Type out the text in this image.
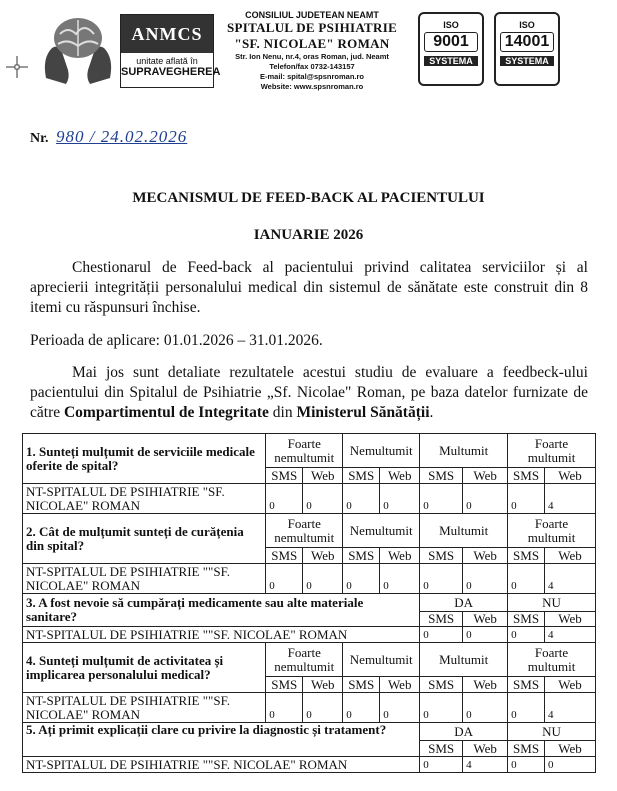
ANMCS
unitate aflată în
SUPRAVEGHEREA
CONSILIUL JUDETEAN NEAMT
SPITALUL DE PSIHIATRIE
"SF. NICOLAE" ROMAN
Str. Ion Nenu, nr.4, oras Roman, jud. Neamt
Telefon/fax 0732-143157
E-mail: spital@spsnroman.ro
Website: www.spsnroman.ro
ISO
9001
SYSTEMA
ISO
14001
SYSTEMA
Nr. 980 / 24.02.2026
MECANISMUL DE FEED-BACK AL PACIENTULUI
IANUARIE 2026
Chestionarul de Feed-back al pacientului privind calitatea serviciilor și al aprecierii integrității personalului medical din sistemul de sănătate este construit din 8 itemi cu răspunsuri închise.
Perioada de aplicare: 01.01.2026 – 31.01.2026.
Mai jos sunt detaliate rezultatele acestui studiu de evaluare a feedbeck-ului pacientului din Spitalul de Psihiatrie „Sf. Nicolae" Roman, pe baza datelor furnizate de către Compartimentul de Integritate din Ministerul Sănătății.
1. Sunteți mulțumit de serviciile medicale oferite de spital?	Foarte nemultumit		Nemultumit		Multumit		Foarte multumit	
	SMS	Web	SMS	Web	SMS	Web	SMS	Web
NT-SPITALUL DE PSIHIATRIE "SF. NICOLAE" ROMAN	0	0	0	0	0	0	0	4
2. Cât de mulțumit sunteți de curățenia din spital?	Foarte nemultumit		Nemultumit		Multumit		Foarte multumit	
	SMS	Web	SMS	Web	SMS	Web	SMS	Web
NT-SPITALUL DE PSIHIATRIE ""SF. NICOLAE" ROMAN	0	0	0	0	0	0	0	4
3. A fost nevoie să cumpărați medicamente sau alte materiale sanitare?					DA		NU	
					SMS	Web	SMS	Web
NT-SPITALUL DE PSIHIATRIE ""SF. NICOLAE" ROMAN					0	0	0	4
4. Sunteți mulțumit de activitatea și implicarea personalului medical?	Foarte nemultumit		Nemultumit		Multumit		Foarte multumit	
	SMS	Web	SMS	Web	SMS	Web	SMS	Web
NT-SPITALUL DE PSIHIATRIE ""SF. NICOLAE" ROMAN	0	0	0	0	0	0	0	4
5. Ați primit explicații clare cu privire la diagnostic și tratament?					DA		NU	
					SMS	Web	SMS	Web
NT-SPITALUL DE PSIHIATRIE ""SF. NICOLAE" ROMAN					0	4	0	0
